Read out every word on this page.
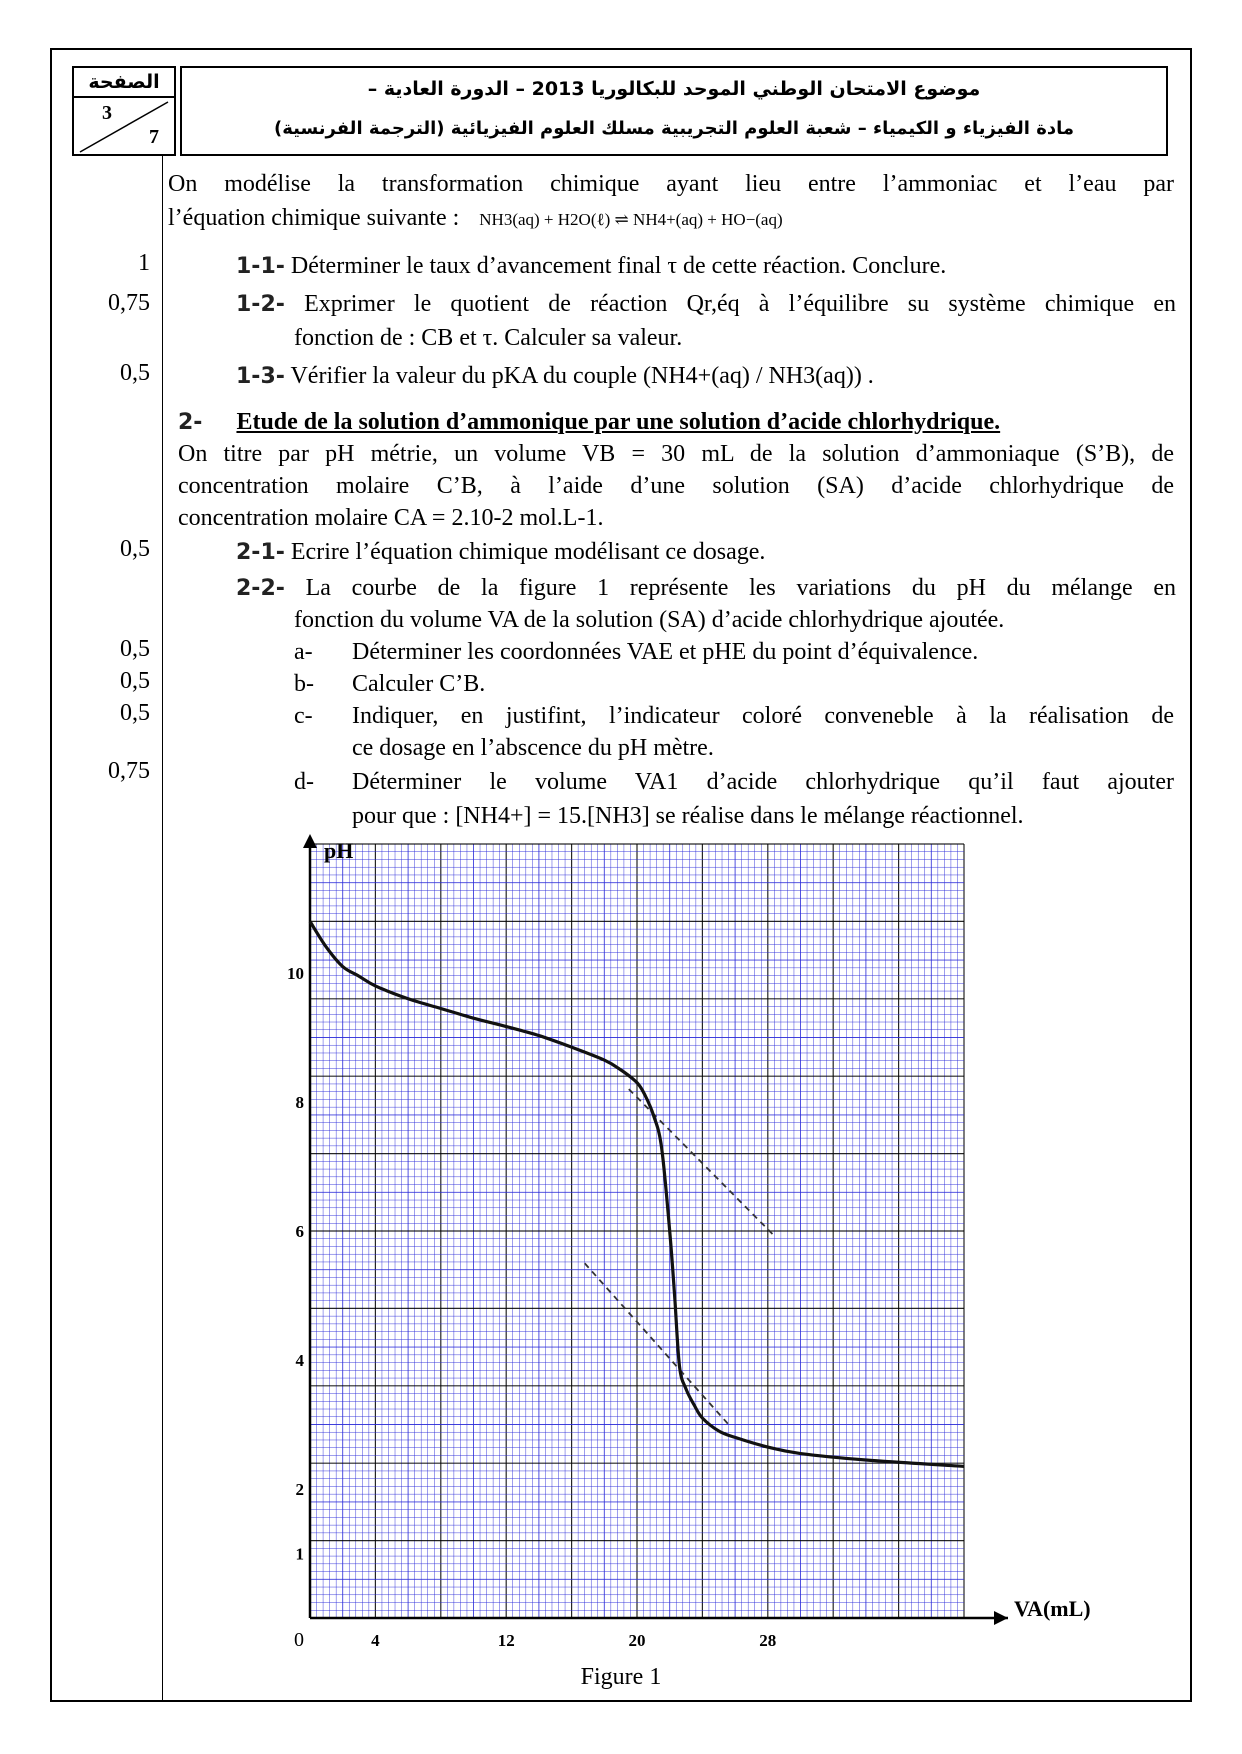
الصفحة
3
7
موضوع الامتحان الوطني الموحد للبكالوريا 2013 – الدورة العادية –
مادة الفيزياء و الكيمياء – شعبة العلوم التجريبية مسلك العلوم الفيزيائية (الترجمة الفرنسية)
1
0,75
0,5
0,5
0,5
0,5
0,5
0,75
On modélise la transformation chimique ayant lieu entre l’ammoniac et l’eau par
l’équation chimique suivante : NH3(aq) + H2O(ℓ) ⇌ NH4+(aq) + HO−(aq)
1-1- Déterminer le taux d’avancement final τ de cette réaction. Conclure.
1-2- Exprimer le quotient de réaction Qr,éq à l’équilibre su système chimique en
fonction de : CB et τ. Calculer sa valeur.
1-3- Vérifier la valeur du pKA du couple (NH4+(aq) / NH3(aq)) .
2- Etude de la solution d’ammonique par une solution d’acide chlorhydrique.
On titre par pH métrie, un volume VB = 30 mL de la solution d’ammoniaque (S’B), de
concentration molaire C’B, à l’aide d’une solution (SA) d’acide chlorhydrique de
concentration molaire CA = 2.10-2 mol.L-1.
2-1- Ecrire l’équation chimique modélisant ce dosage.
2-2- La courbe de la figure 1 représente les variations du pH du mélange en
fonction du volume VA de la solution (SA) d’acide chlorhydrique ajoutée.
a- Déterminer les coordonnées VAE et pHE du point d’équivalence.
b- Calculer C’B.
c- Indiquer, en justifint, l’indicateur coloré conveneble à la réalisation de
ce dosage en l’abscence du pH mètre.
d- Déterminer le volume VA1 d’acide chlorhydrique qu’il faut ajouter
pour que : [NH4+] = 15.[NH3] se réalise dans le mélange réactionnel.
4	12	20	28
1
2
4
6
8
10
0
VA(mL)
pH
Figure 1
